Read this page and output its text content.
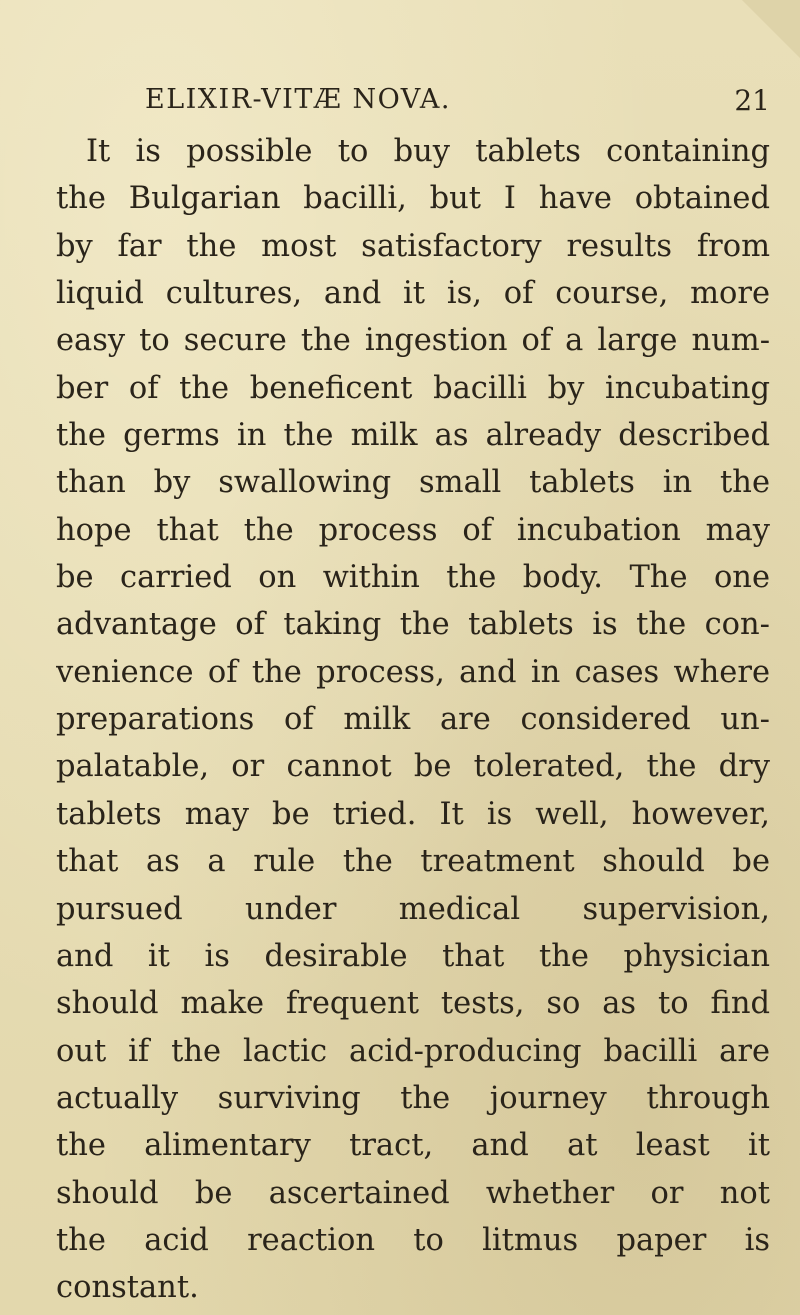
ELIXIR-VITÆ NOVA.	21
It is possible to buy tablets containing
the Bulgarian bacilli, but I have obtained
by far the most satisfactory results from
liquid cultures, and it is, of course, more
easy to secure the ingestion of a large num-
ber of the beneficent bacilli by incubating
the germs in the milk as already described
than by swallowing small tablets in the
hope that the process of incubation may
be carried on within the body. The one
advantage of taking the tablets is the con-
venience of the process, and in cases where
preparations of milk are considered un-
palatable, or cannot be tolerated, the dry
tablets may be tried. It is well, however,
that as a rule the treatment should be
pursued under medical supervision,
and it is desirable that the physician
should make frequent tests, so as to find
out if the lactic acid-producing bacilli are
actually surviving the journey through
the alimentary tract, and at least it
should be ascertained whether or not
the acid reaction to litmus paper is
constant.
